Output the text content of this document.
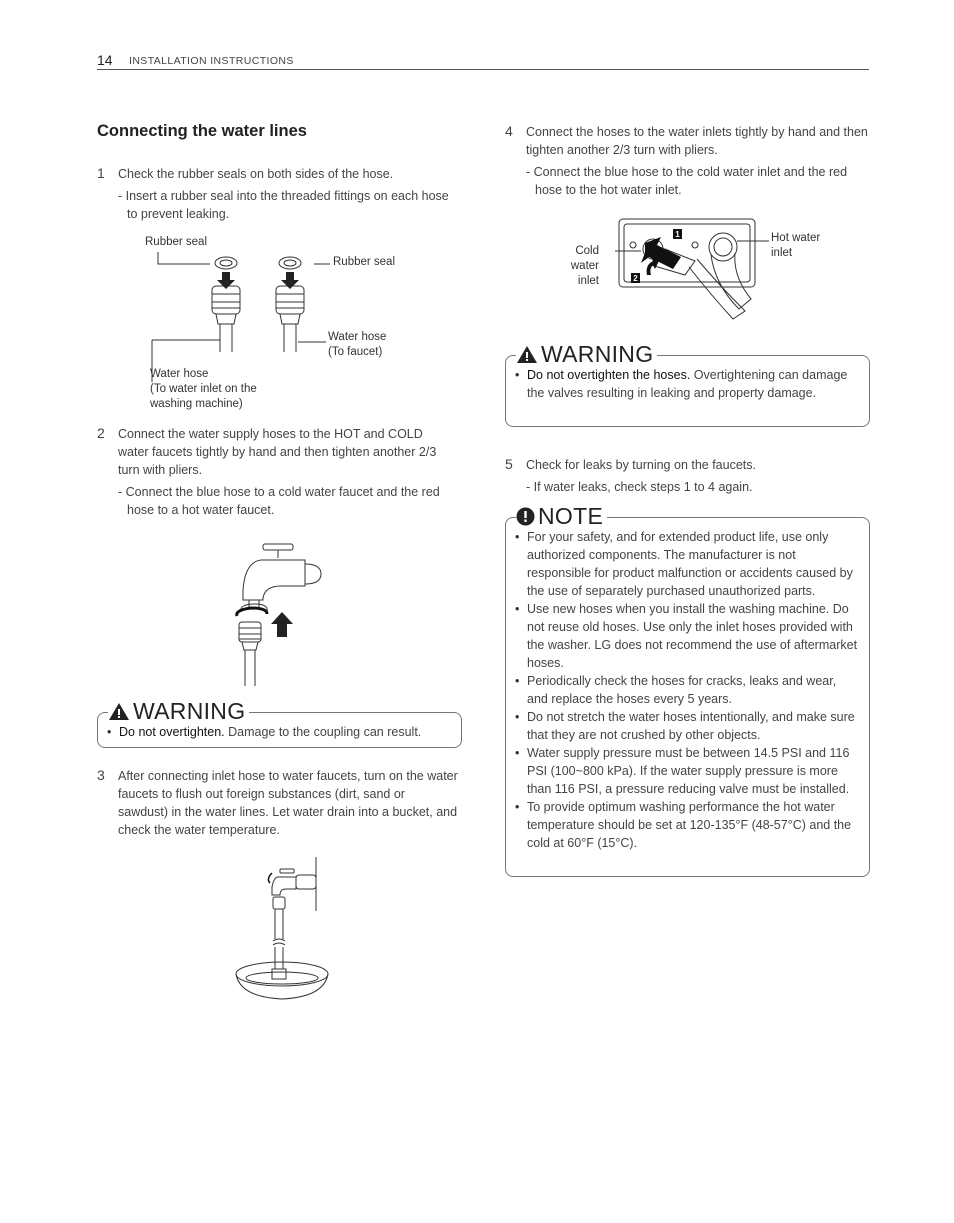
14 INSTALLATION INSTRUCTIONS
Connecting the water lines
1 Check the rubber seals on both sides of the hose.
- Insert a rubber seal into the threaded fittings on each hose to prevent leaking.
Rubber seal
Rubber seal
Water hose
(To faucet)
Water hose
(To water inlet on the
washing machine)
2 Connect the water supply hoses to the HOT and COLD water faucets tightly by hand and then tighten another 2/3 turn with pliers.
- Connect the blue hose to a cold water faucet and the red hose to a hot water faucet.
WARNING
• Do not overtighten. Damage to the coupling can result.
3 After connecting inlet hose to water faucets, turn on the water faucets to flush out foreign substances (dirt, sand or sawdust) in the water lines. Let water drain into a bucket, and check the water temperature.
4 Connect the hoses to the water inlets tightly by hand and then tighten another 2/3 turn with pliers.
- Connect the blue hose to the cold water inlet and the red hose to the hot water inlet.
1
2
Cold
water
inlet
Hot water
inlet
WARNING
• Do not overtighten the hoses. Overtightening can damage the valves resulting in leaking and property damage.
5 Check for leaks by turning on the faucets.
- If water leaks, check steps 1 to 4 again.
NOTE
• For your safety, and for extended product life, use only authorized components. The manufacturer is not responsible for product malfunction or accidents caused by the use of separately purchased unauthorized parts.
• Use new hoses when you install the washing machine. Do not reuse old hoses. Use only the inlet hoses provided with the washer. LG does not recommend the use of aftermarket hoses.
• Periodically check the hoses for cracks, leaks and wear, and replace the hoses every 5 years.
• Do not stretch the water hoses intentionally, and make sure that they are not crushed by other objects.
• Water supply pressure must be between 14.5 PSI and 116 PSI (100~800 kPa). If the water supply pressure is more than 116 PSI, a pressure reducing valve must be installed.
• To provide optimum washing performance the hot water temperature should be set at 120-135°F (48-57°C) and the cold at 60°F (15°C).
